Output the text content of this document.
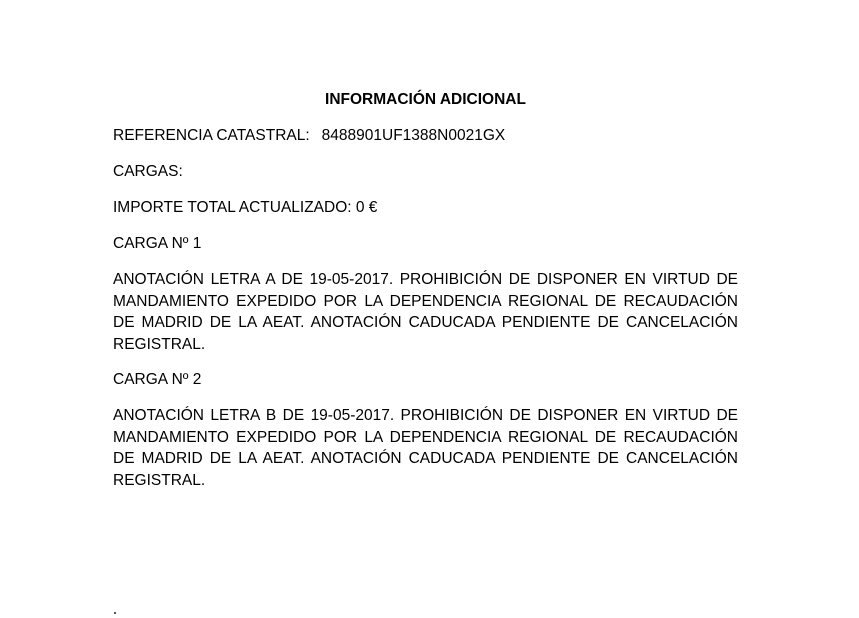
INFORMACIÓN ADICIONAL
REFERENCIA CATASTRAL: 8488901UF1388N0021GX
CARGAS:
IMPORTE TOTAL ACTUALIZADO: 0 €
CARGA Nº 1
ANOTACIÓN LETRA A DE 19-05-2017. PROHIBICIÓN DE DISPONER EN VIRTUD DE MANDAMIENTO EXPEDIDO POR LA DEPENDENCIA REGIONAL DE RECAUDACIÓN DE MADRID DE LA AEAT. ANOTACIÓN CADUCADA PENDIENTE DE CANCELACIÓN REGISTRAL.
CARGA Nº 2
ANOTACIÓN LETRA B DE 19-05-2017. PROHIBICIÓN DE DISPONER EN VIRTUD DE MANDAMIENTO EXPEDIDO POR LA DEPENDENCIA REGIONAL DE RECAUDACIÓN DE MADRID DE LA AEAT. ANOTACIÓN CADUCADA PENDIENTE DE CANCELACIÓN REGISTRAL.
